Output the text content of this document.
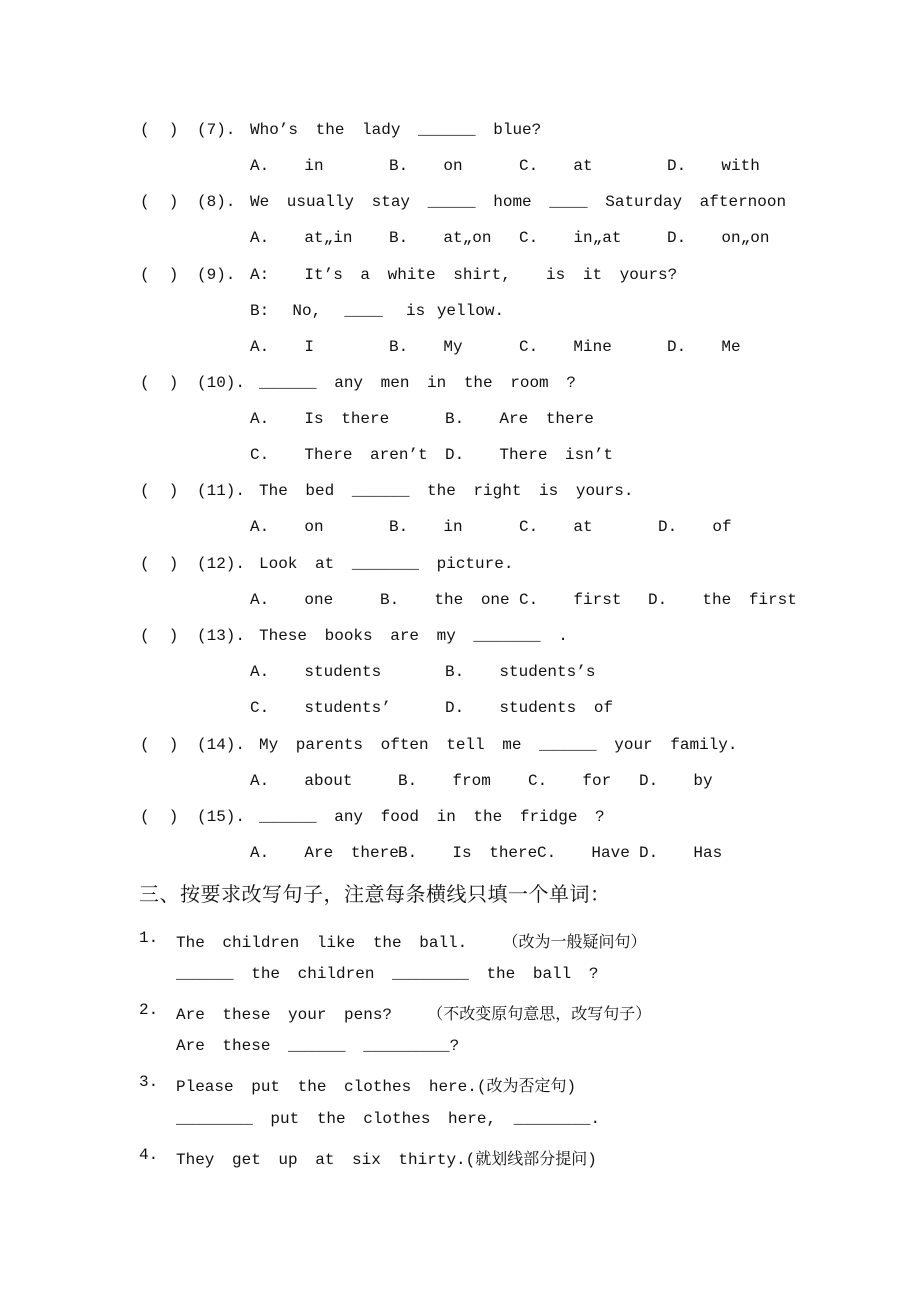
(  ) (7). Who’s the lady ______ blue?
A.  in	B.  on	C.  at	D.  with
(  ) (8). We usually stay _____ home ____ Saturday afternoon
A.  at„in B.  at„on C.  in„at	D.  on„on
(  ) (9). A:  It’s a white shirt,  is it yours?
B:  No,  ____  is yellow.
A.  I	B.  My	C.  Mine	D.  Me
(  ) (10). ______ any men in the room ?
A.  Is there	B.  Are there
C.  There aren’t D.  There isn’t
(  ) (11). The bed ______ the right is yours.
A.  on	B.  in	C.  at	D.  of
(  ) (12). Look at _______ picture.
A.  one	B.  the one C.  first D.  the first
(  ) (13). These books are my _______ .
A.  students	B.  students’s
C.  students’	D.  students of
(  ) (14). My parents often tell me ______ your family.
A.  about	B.  from C.  for D.  by
(  ) (15). ______ any food in the fridge ?
A.  Are there B.  Is there C.  Have D.  Has
三、按要求改写句子，注意每条横线只填一个单词：
1. The children like the ball.  （改为一般疑问句）
______ the children ________ the ball ?
2. Are these your pens?  （不改变原句意思，改写句子）
Are these ______ _________?
3. Please put the clothes here.(改为否定句)
________ put the clothes here, ________.
4. They get up at six thirty.(就划线部分提问)
